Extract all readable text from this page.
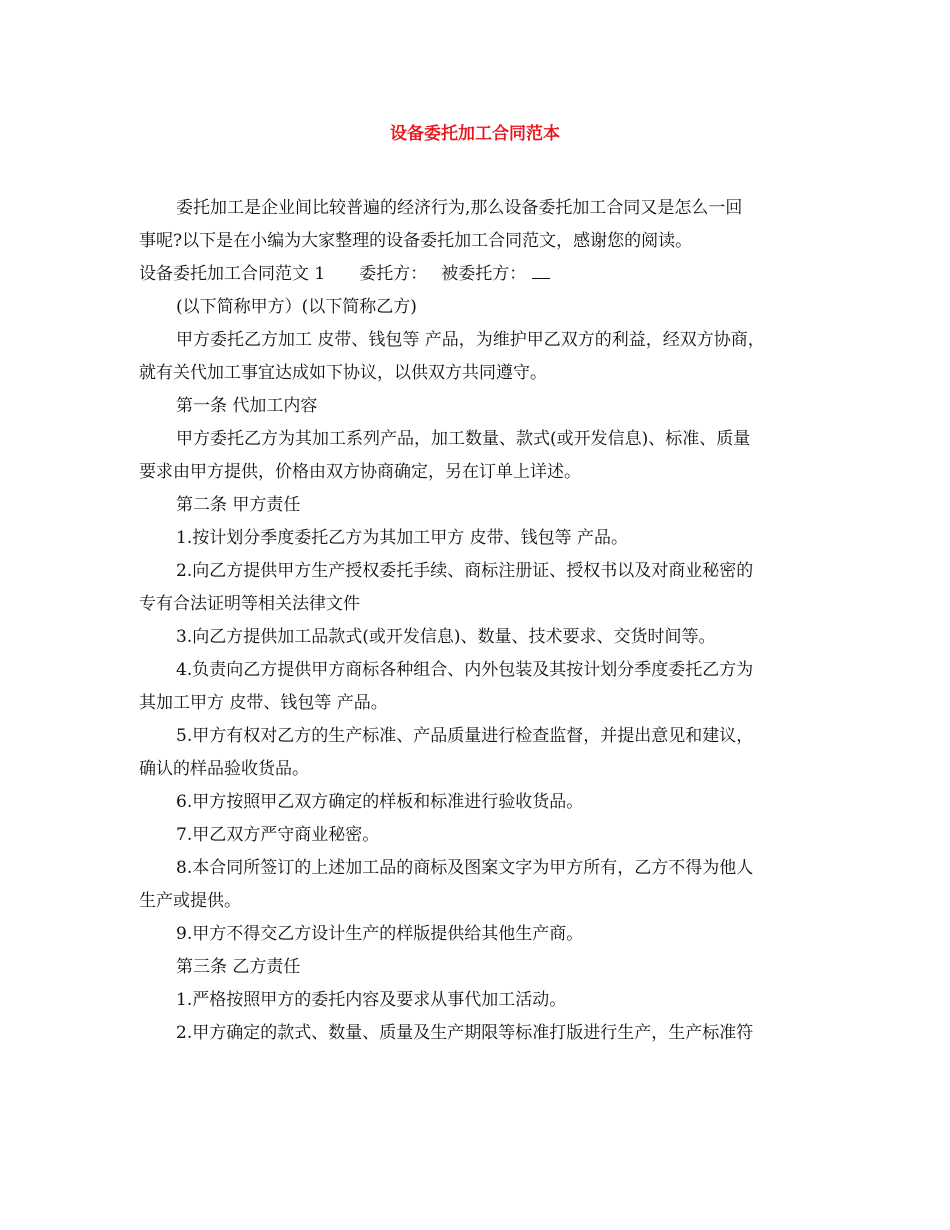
设备委托加工合同范本
委托加工是企业间比较普遍的经济行为,那么设备委托加工合同又是怎么一回
事呢?以下是在小编为大家整理的设备委托加工合同范文，感谢您的阅读。
设备委托加工合同范文 1 委托方： 被委托方：
(以下简称甲方）(以下简称乙方)
甲方委托乙方加工 皮带、钱包等 产品，为维护甲乙双方的利益，经双方协商，
就有关代加工事宜达成如下协议，以供双方共同遵守。
第一条 代加工内容
甲方委托乙方为其加工系列产品，加工数量、款式(或开发信息)、标准、质量
要求由甲方提供，价格由双方协商确定，另在订单上详述。
第二条 甲方责任
1.按计划分季度委托乙方为其加工甲方 皮带、钱包等 产品。
2.向乙方提供甲方生产授权委托手续、商标注册证、授权书以及对商业秘密的
专有合法证明等相关法律文件
3.向乙方提供加工品款式(或开发信息)、数量、技术要求、交货时间等。
4.负责向乙方提供甲方商标各种组合、内外包装及其按计划分季度委托乙方为
其加工甲方 皮带、钱包等 产品。
5.甲方有权对乙方的生产标准、产品质量进行检查监督，并提出意见和建议，
确认的样品验收货品。
6.甲方按照甲乙双方确定的样板和标准进行验收货品。
7.甲乙双方严守商业秘密。
8.本合同所签订的上述加工品的商标及图案文字为甲方所有，乙方不得为他人
生产或提供。
9.甲方不得交乙方设计生产的样版提供给其他生产商。
第三条 乙方责任
1.严格按照甲方的委托内容及要求从事代加工活动。
2.甲方确定的款式、数量、质量及生产期限等标准打版进行生产，生产标准符
